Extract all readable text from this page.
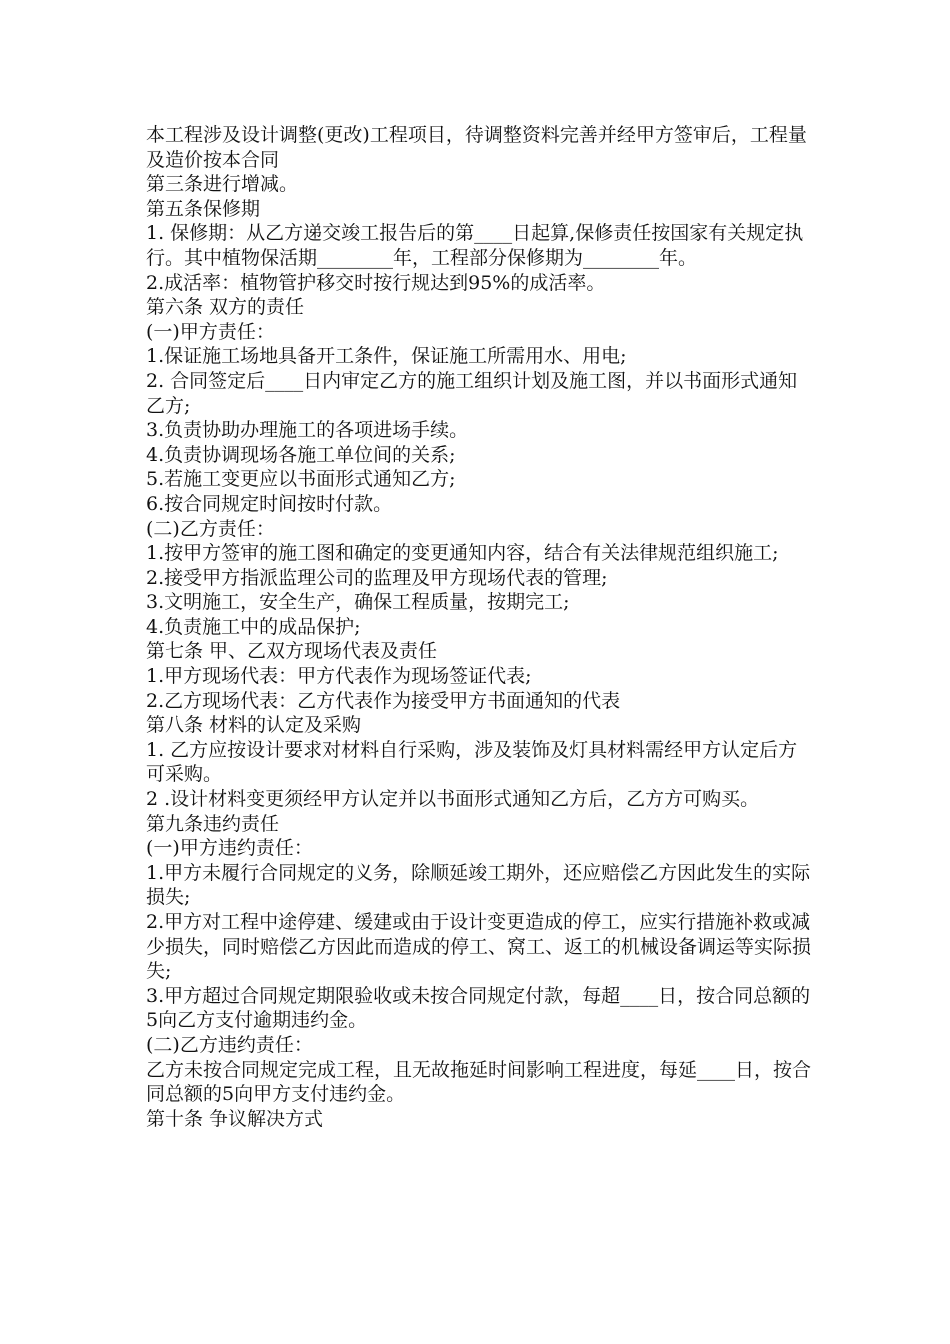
本工程涉及设计调整(更改)工程项目，待调整资料完善并经甲方签审后，工程量及造价按本合同

第三条进行增减。

第五条保修期

1. 保修期：从乙方递交竣工报告后的第____日起算,保修责任按国家有关规定执行。其中植物保活期________年，工程部分保修期为________年。

2.成活率：植物管护移交时按行规达到95%的成活率。

第六条 双方的责任

(一)甲方责任：

1.保证施工场地具备开工条件，保证施工所需用水、用电;

2. 合同签定后____日内审定乙方的施工组织计划及施工图，并以书面形式通知乙方;

3.负责协助办理施工的各项进场手续。

4.负责协调现场各施工单位间的关系;

5.若施工变更应以书面形式通知乙方;

6.按合同规定时间按时付款。

(二)乙方责任：

1.按甲方签审的施工图和确定的变更通知内容，结合有关法律规范组织施工;

2.接受甲方指派监理公司的监理及甲方现场代表的管理;

3.文明施工，安全生产，确保工程质量，按期完工;

4.负责施工中的成品保护;

第七条 甲、乙双方现场代表及责任

1.甲方现场代表：甲方代表作为现场签证代表;

2.乙方现场代表：乙方代表作为接受甲方书面通知的代表

第八条 材料的认定及采购

1. 乙方应按设计要求对材料自行采购，涉及装饰及灯具材料需经甲方认定后方可采购。

2 .设计材料变更须经甲方认定并以书面形式通知乙方后，乙方方可购买。

第九条违约责任

(一)甲方违约责任：

1.甲方未履行合同规定的义务，除顺延竣工期外，还应赔偿乙方因此发生的实际损失;

2.甲方对工程中途停建、缓建或由于设计变更造成的停工，应实行措施补救或减少损失，同时赔偿乙方因此而造成的停工、窝工、返工的机械设备调运等实际损失;

3.甲方超过合同规定期限验收或未按合同规定付款，每超____日，按合同总额的5向乙方支付逾期违约金。

(二)乙方违约责任：

乙方未按合同规定完成工程，且无故拖延时间影响工程进度，每延____日，按合同总额的5向甲方支付违约金。

第十条 争议解决方式
